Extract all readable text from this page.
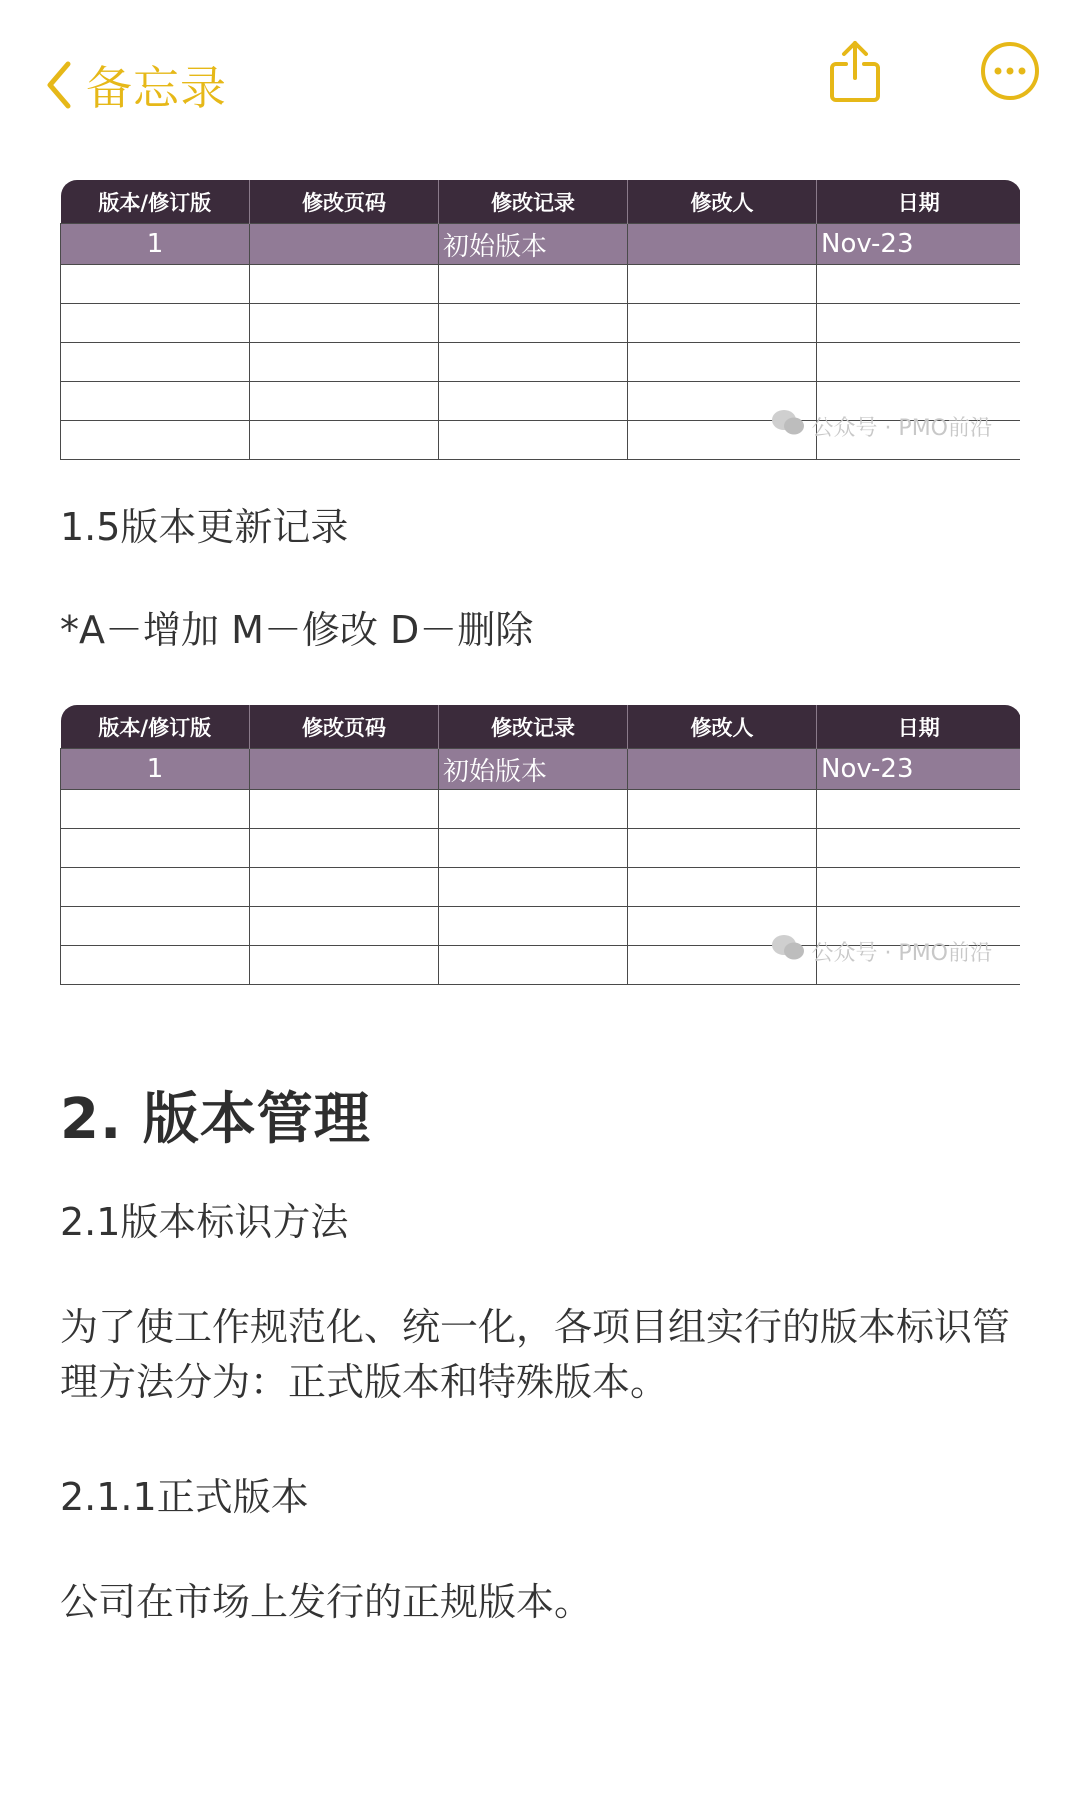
备忘录
版本/修订版	修改页码	修改记录	修改人	日期
1		初始版本		Nov-23

公众号 · PMO前沿
1.5版本更新记录
*A－增加 M－修改 D－删除
版本/修订版	修改页码	修改记录	修改人	日期
1		初始版本		Nov-23

公众号 · PMO前沿
2. 版本管理
2.1版本标识方法
为了使工作规范化、统一化，各项目组实行的版本标识管理方法分为：正式版本和特殊版本。
2.1.1正式版本
公司在市场上发行的正规版本。
